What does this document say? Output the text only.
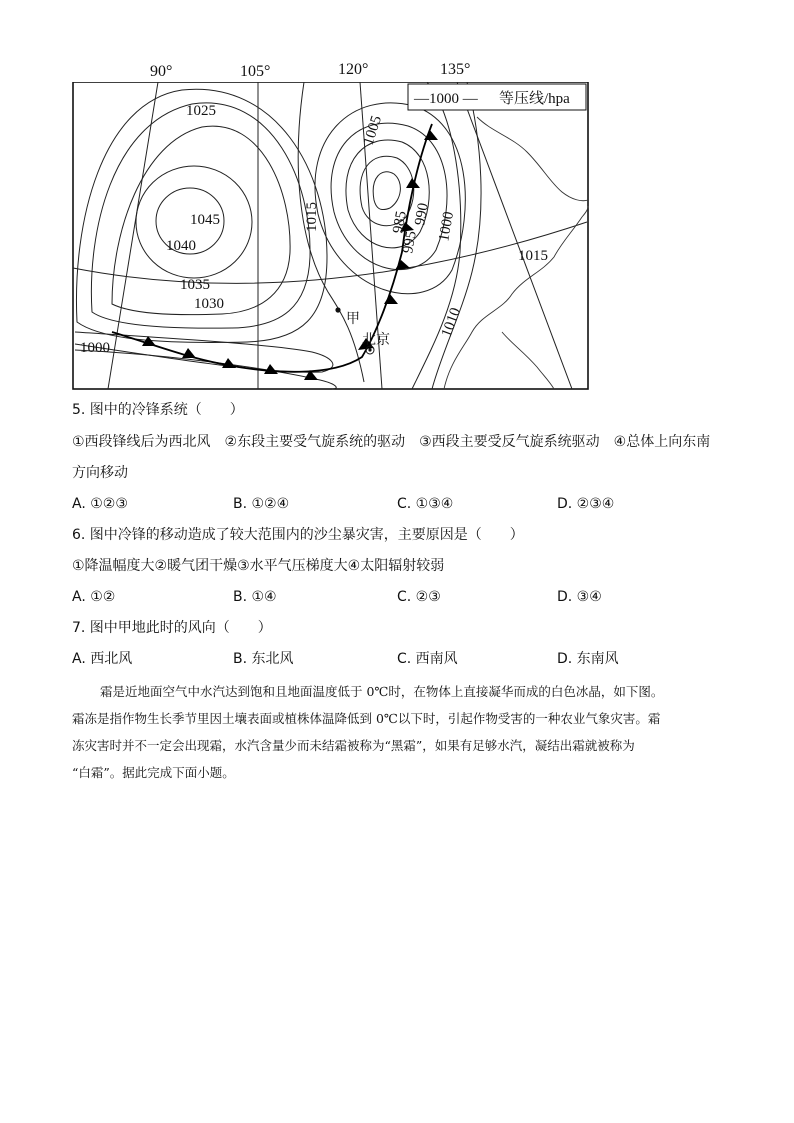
90°	105°	120°	135°
—1000 — 等压线/hpa
1025
1045
1040
1035
1030
1000
1015
1005
985 990
995 1000
1010
1015
甲
北京
5. 图中的冷锋系统（　　）
①西段锋线后为西北风　②东段主要受气旋系统的驱动　③西段主要受反气旋系统驱动　④总体上向东南
方向移动
A. ①②③	B. ①②④	C. ①③④	D. ②③④
6. 图中冷锋的移动造成了较大范围内的沙尘暴灾害，主要原因是（　　）
①降温幅度大②暖气团干燥③水平气压梯度大④太阳辐射较弱
A. ①②	B. ①④	C. ②③	D. ③④
7. 图中甲地此时的风向（　　）
A. 西北风	B. 东北风	C. 西南风	D. 东南风
霜是近地面空气中水汽达到饱和且地面温度低于 0℃时，在物体上直接凝华而成的白色冰晶，如下图。
霜冻是指作物生长季节里因土壤表面或植株体温降低到 0℃以下时，引起作物受害的一种农业气象灾害。霜
冻灾害时并不一定会出现霜，水汽含量少而未结霜被称为“黑霜”，如果有足够水汽，凝结出霜就被称为
“白霜”。据此完成下面小题。
